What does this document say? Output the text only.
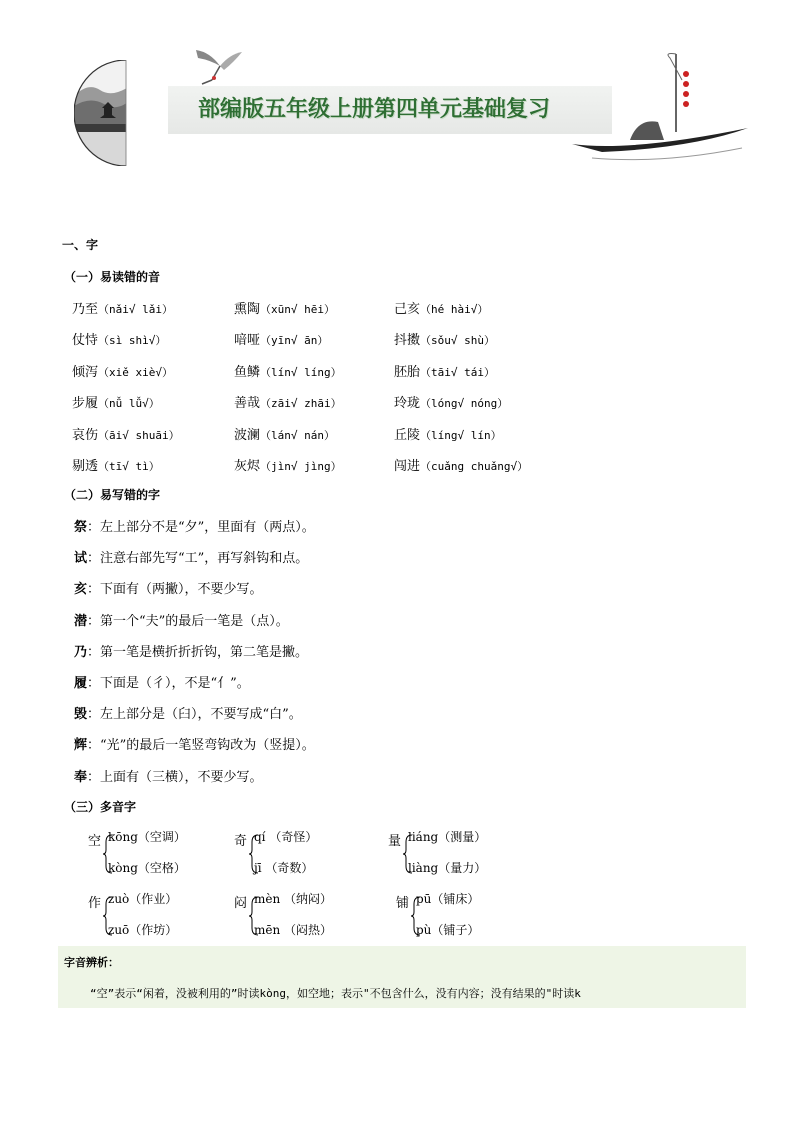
部编版五年级上册第四单元基础复习
一、字
（一）易读错的音
乃至（nǎi√ lǎi）	熏陶（xūn√ hēi）	己亥（hé hài√）
仗恃（sì shì√）	喑哑（yīn√ ān）	抖擞（sǒu√ shù）
倾泻（xiě xiè√）	鱼鳞（lín√ líng）	胚胎（tāi√ tái）
步履（nǚ lǚ√）	善哉（zāi√ zhāi）	玲珑（lóng√ nóng）
哀伤（āi√ shuāi）	波澜（lán√ nán）	丘陵（líng√ lín）
剔透（tī√ tì）	灰烬（jìn√ jìng）	闯进（cuǎng chuǎng√）
（二）易写错的字
祭：左上部分不是“夕”，里面有（两点）。
试：注意右部先写“工”，再写斜钩和点。
亥：下面有（两撇），不要少写。
潜：第一个“夫”的最后一笔是（点）。
乃：第一笔是横折折折钩，第二笔是撇。
履：下面是（彳），不是“亻”。
毁：左上部分是（臼），不要写成“白”。
辉：“光”的最后一笔竖弯钩改为（竖提）。
奉：上面有（三横），不要少写。
（三）多音字
空 kōng（空调）
kòng（空格）
奇 qí （奇怪）
jī （奇数）
量 liáng（测量）
liàng（量力）
作 zuò（作业）
zuō（作坊）
闷 mèn （纳闷）
mēn （闷热）
铺 pū（铺床）
pù（铺子）
字音辨析：
“空”表示“闲着，没被利用的”时读kòng，如空地；表示"不包含什么，没有内容；没有结果的"时读k
